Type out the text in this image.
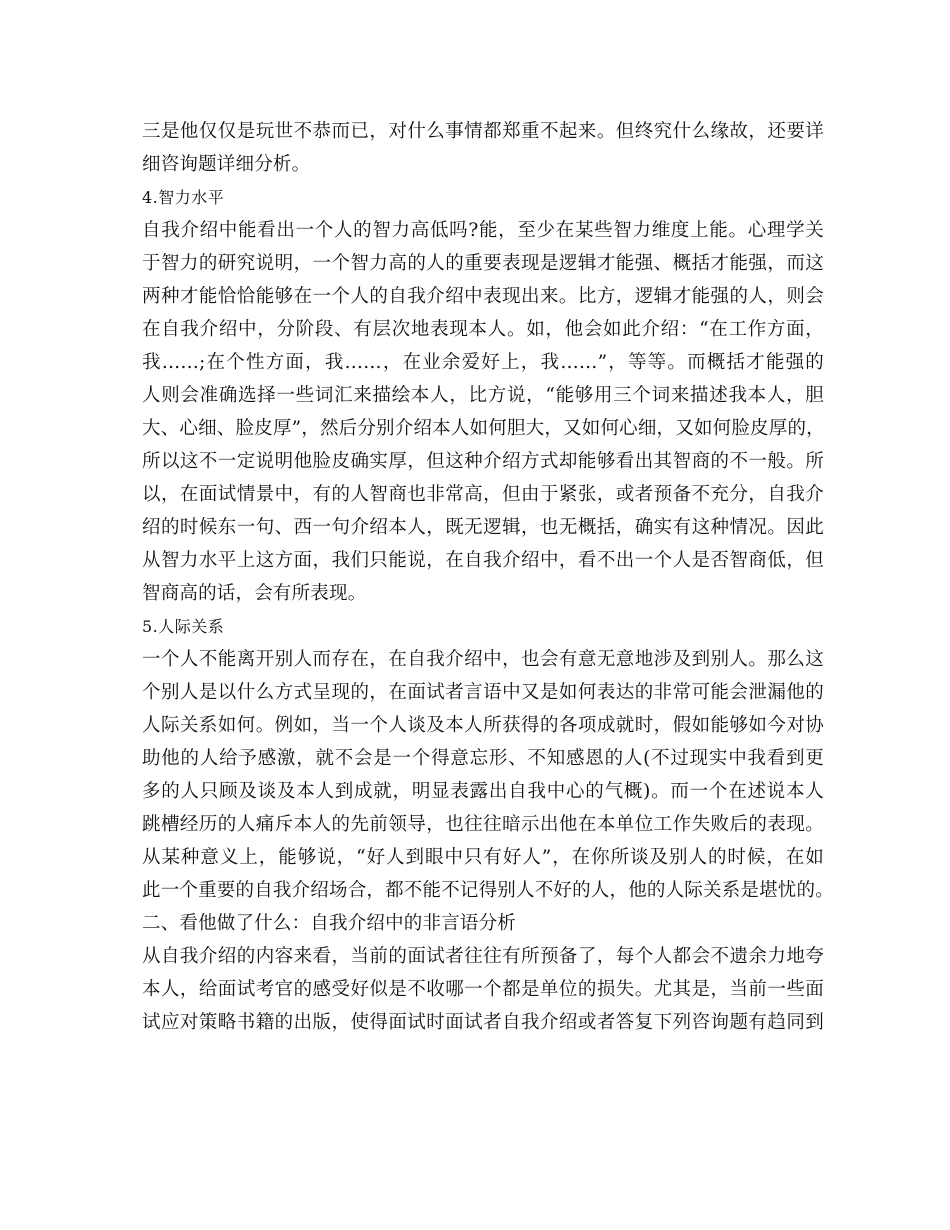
三是他仅仅是玩世不恭而已，对什么事情都郑重不起来。但终究什么缘故，还要详
细咨询题详细分析。
4.智力水平
自我介绍中能看出一个人的智力高低吗?能，至少在某些智力维度上能。心理学关
于智力的研究说明，一个智力高的人的重要表现是逻辑才能强、概括才能强，而这
两种才能恰恰能够在一个人的自我介绍中表现出来。比方，逻辑才能强的人，则会
在自我介绍中，分阶段、有层次地表现本人。如，他会如此介绍：“在工作方面，
我……;在个性方面，我……，在业余爱好上，我……”，等等。而概括才能强的
人则会准确选择一些词汇来描绘本人，比方说，“能够用三个词来描述我本人，胆
大、心细、脸皮厚”，然后分别介绍本人如何胆大，又如何心细，又如何脸皮厚的，
所以这不一定说明他脸皮确实厚，但这种介绍方式却能够看出其智商的不一般。所
以，在面试情景中，有的人智商也非常高，但由于紧张，或者预备不充分，自我介
绍的时候东一句、西一句介绍本人，既无逻辑，也无概括，确实有这种情况。因此
从智力水平上这方面，我们只能说，在自我介绍中，看不出一个人是否智商低，但
智商高的话，会有所表现。
5.人际关系
一个人不能离开别人而存在，在自我介绍中，也会有意无意地涉及到别人。那么这
个别人是以什么方式呈现的，在面试者言语中又是如何表达的非常可能会泄漏他的
人际关系如何。例如，当一个人谈及本人所获得的各项成就时，假如能够如今对协
助他的人给予感激，就不会是一个得意忘形、不知感恩的人(不过现实中我看到更
多的人只顾及谈及本人到成就，明显表露出自我中心的气概)。而一个在述说本人
跳槽经历的人痛斥本人的先前领导，也往往暗示出他在本单位工作失败后的表现。
从某种意义上，能够说，“好人到眼中只有好人”，在你所谈及别人的时候，在如
此一个重要的自我介绍场合，都不能不记得别人不好的人，他的人际关系是堪忧的。
二、看他做了什么：自我介绍中的非言语分析
从自我介绍的内容来看，当前的面试者往往有所预备了，每个人都会不遗余力地夸
本人，给面试考官的感受好似是不收哪一个都是单位的损失。尤其是，当前一些面
试应对策略书籍的出版，使得面试时面试者自我介绍或者答复下列咨询题有趋同到
